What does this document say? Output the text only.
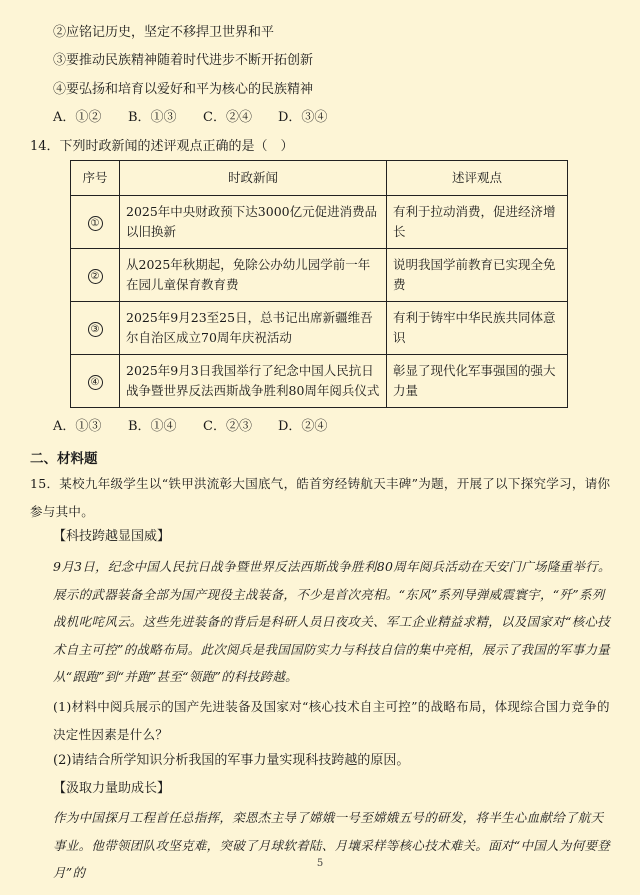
②应铭记历史，坚定不移捍卫世界和平
③要推动民族精神随着时代进步不断开拓创新
④要弘扬和培育以爱好和平为核心的民族精神
A．①② B．①③ C．②④ D．③④
14．下列时政新闻的述评观点正确的是（　）
序号	时政新闻	述评观点
①	2025年中央财政预下达3000亿元促进消费品以旧换新	有利于拉动消费，促进经济增长
②	从2025年秋期起，免除公办幼儿园学前一年在园儿童保育教育费	说明我国学前教育已实现全免费
③	2025年9月23至25日，总书记出席新疆维吾尔自治区成立70周年庆祝活动	有利于铸牢中华民族共同体意识
④	2025年9月3日我国举行了纪念中国人民抗日战争暨世界反法西斯战争胜利80周年阅兵仪式	彰显了现代化军事强国的强大力量
A．①③ B．①④ C．②③ D．②④
二、材料题
15．某校九年级学生以“铁甲洪流彰大国底气，皓首穷经铸航天丰碑”为题，开展了以下探究学习，请你参与其中。
【科技跨越显国威】
9月3日，纪念中国人民抗日战争暨世界反法西斯战争胜利80周年阅兵活动在天安门广场隆重举行。展示的武器装备全部为国产现役主战装备，不少是首次亮相。“东风”系列导弹威震寰宇，“歼”系列战机叱咤风云。这些先进装备的背后是科研人员日夜攻关、军工企业精益求精，以及国家对“核心技术自主可控”的战略布局。此次阅兵是我国国防实力与科技自信的集中亮相，展示了我国的军事力量从“跟跑”到“并跑”甚至“领跑”的科技跨越。
(1)材料中阅兵展示的国产先进装备及国家对“核心技术自主可控”的战略布局，体现综合国力竞争的决定性因素是什么？
(2)请结合所学知识分析我国的军事力量实现科技跨越的原因。
【汲取力量助成长】
作为中国探月工程首任总指挥，栾恩杰主导了嫦娥一号至嫦娥五号的研发，将半生心血献给了航天事业。他带领团队攻坚克难，突破了月球软着陆、月壤采样等核心技术难关。面对“中国人为何要登月”的
5
